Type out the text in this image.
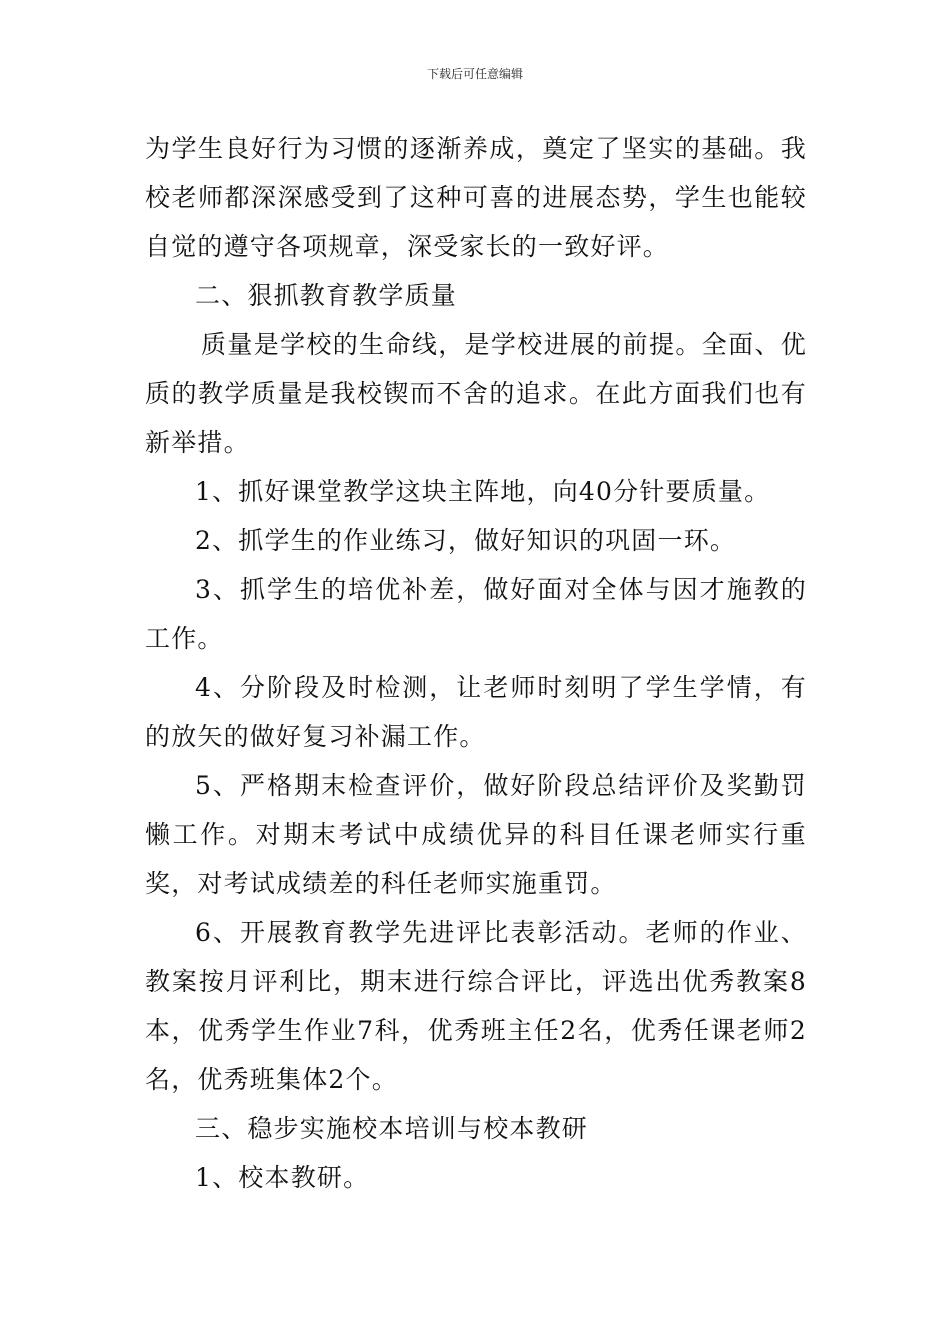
下载后可任意编辑

为学生良好行为习惯的逐渐养成，奠定了坚实的基础。我校老师都深深感受到了这种可喜的进展态势，学生也能较自觉的遵守各项规章，深受家长的一致好评。

二、狠抓教育教学质量

质量是学校的生命线，是学校进展的前提。全面、优质的教学质量是我校锲而不舍的追求。在此方面我们也有新举措。

1、抓好课堂教学这块主阵地，向40分针要质量。

2、抓学生的作业练习，做好知识的巩固一环。

3、抓学生的培优补差，做好面对全体与因才施教的工作。

4、分阶段及时检测，让老师时刻明了学生学情，有的放矢的做好复习补漏工作。

5、严格期末检查评价，做好阶段总结评价及奖勤罚懒工作。对期末考试中成绩优异的科目任课老师实行重奖，对考试成绩差的科任老师实施重罚。

6、开展教育教学先进评比表彰活动。老师的作业、教案按月评利比，期末进行综合评比，评选出优秀教案8本，优秀学生作业7科，优秀班主任2名，优秀任课老师2名，优秀班集体2个。

三、稳步实施校本培训与校本教研

1、校本教研。
